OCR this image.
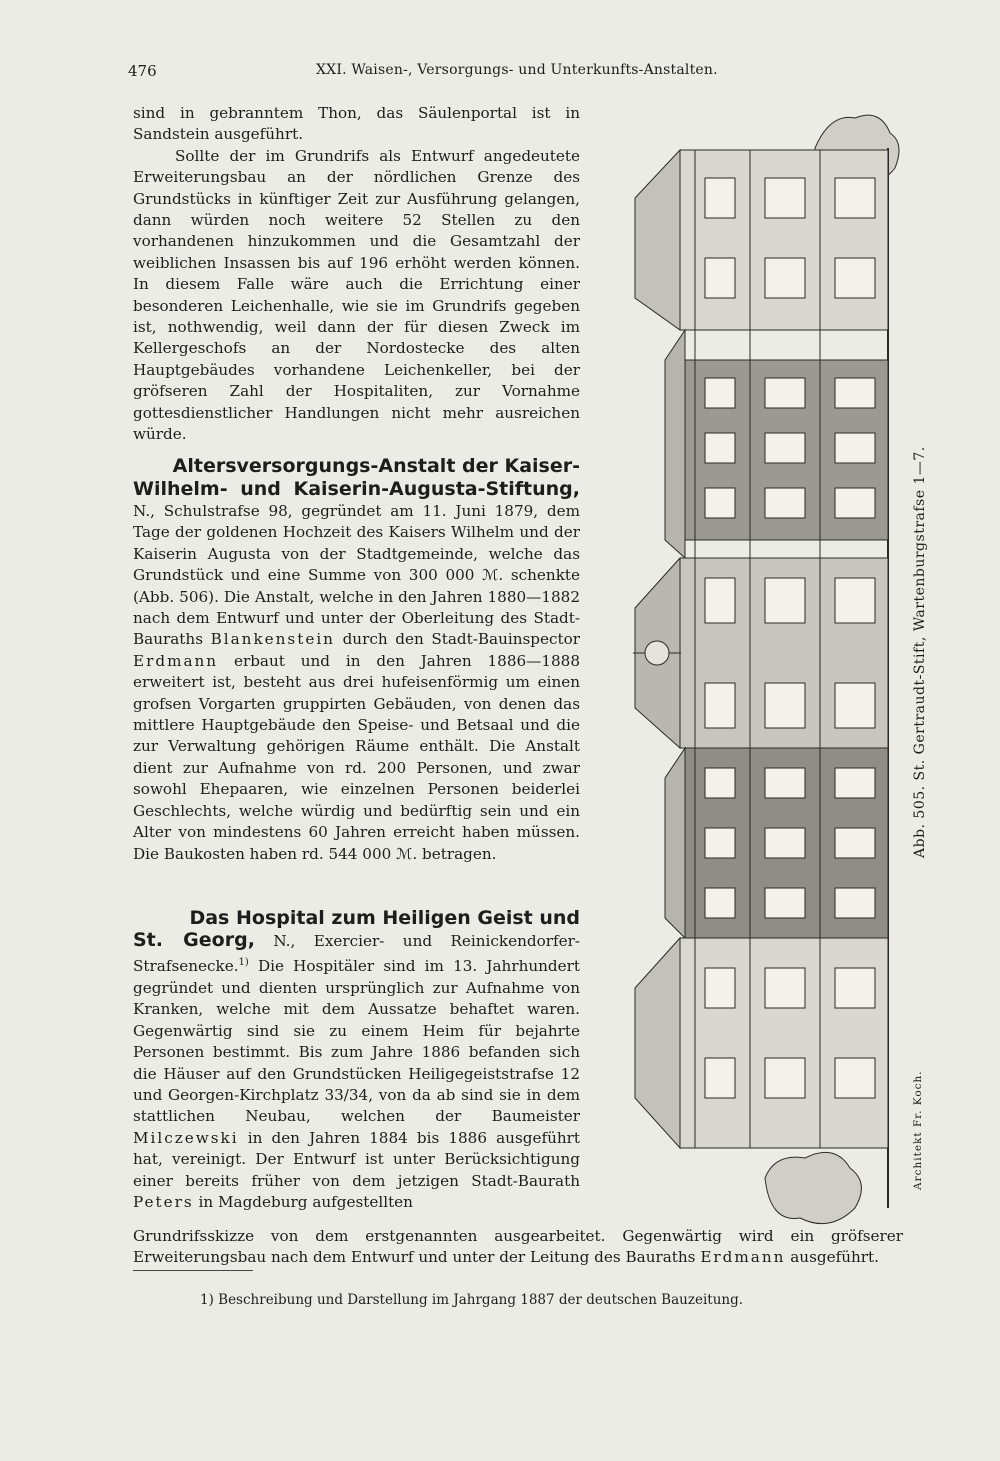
476	XXI. Waisen-, Versorgungs- und Unterkunfts-Anstalten.

sind in gebranntem Thon, das Säulenportal ist in Sandstein ausgeführt.

Sollte der im Grundrifs als Entwurf angedeutete Erweiterungsbau an der nördlichen Grenze des Grundstücks in künftiger Zeit zur Ausführung gelangen, dann würden noch weitere 52 Stellen zu den vorhandenen hinzukommen und die Gesamtzahl der weiblichen Insassen bis auf 196 erhöht werden können. In diesem Falle wäre auch die Errichtung einer besonderen Leichenhalle, wie sie im Grundrifs gegeben ist, nothwendig, weil dann der für diesen Zweck im Kellergeschofs an der Nordostecke des alten Hauptgebäudes vorhandene Leichenkeller, bei der gröfseren Zahl der Hospitaliten, zur Vornahme gottesdienstlicher Handlungen nicht mehr ausreichen würde.

Altersversorgungs-Anstalt der Kaiser-
Wilhelm- und Kaiserin-Augusta-Stiftung,

N., Schulstrafse 98, gegründet am 11. Juni 1879, dem Tage der goldenen Hochzeit des Kaisers Wilhelm und der Kaiserin Augusta von der Stadtgemeinde, welche das Grundstück und eine Summe von 300 000 ℳ. schenkte (Abb. 506). Die Anstalt, welche in den Jahren 1880—1882 nach dem Entwurf und unter der Oberleitung des Stadt-Bauraths Blankenstein durch den Stadt-Bauinspector Erdmann erbaut und in den Jahren 1886—1888 erweitert ist, besteht aus drei hufeisenförmig um einen grofsen Vorgarten gruppirten Gebäuden, von denen das mittlere Hauptgebäude den Speise- und Betsaal und die zur Verwaltung gehörigen Räume enthält. Die Anstalt dient zur Aufnahme von rd. 200 Personen, und zwar sowohl Ehepaaren, wie einzelnen Personen beiderlei Geschlechts, welche würdig und bedürftig sein und ein Alter von mindestens 60 Jahren erreicht haben müssen. Die Baukosten haben rd. 544 000 ℳ. betragen.

Das Hospital zum Heiligen Geist und

St. Georg, N., Exercier- und Reinickendorfer-Strafsenecke.$^{1)}$ Die Hospitäler sind im 13. Jahrhundert gegründet und dienten ursprünglich zur Aufnahme von Kranken, welche mit dem Aussatze behaftet waren. Gegenwärtig sind sie zu einem Heim für bejahrte Personen bestimmt. Bis zum Jahre 1886 befanden sich die Häuser auf den Grundstücken Heiligegeiststrafse 12 und Georgen-Kirchplatz 33/34, von da ab sind sie in dem stattlichen Neubau, welchen der Baumeister Milczewski in den Jahren 1884 bis 1886 ausgeführt hat, vereinigt. Der Entwurf ist unter Berücksichtigung einer bereits früher von dem jetzigen Stadt-Baurath Peters in Magdeburg aufgestellten

Grundrifsskizze von dem erstgenannten ausgearbeitet. Gegenwärtig wird ein gröfserer Erweiterungsbau nach dem Entwurf und unter der Leitung des Bauraths Erdmann ausgeführt.

1) Beschreibung und Darstellung im Jahrgang 1887 der deutschen Bauzeitung.
Abb. 505. St. Gertraudt-Stift, Wartenburgstrafse 1—7.
Architekt Fr. Koch.
